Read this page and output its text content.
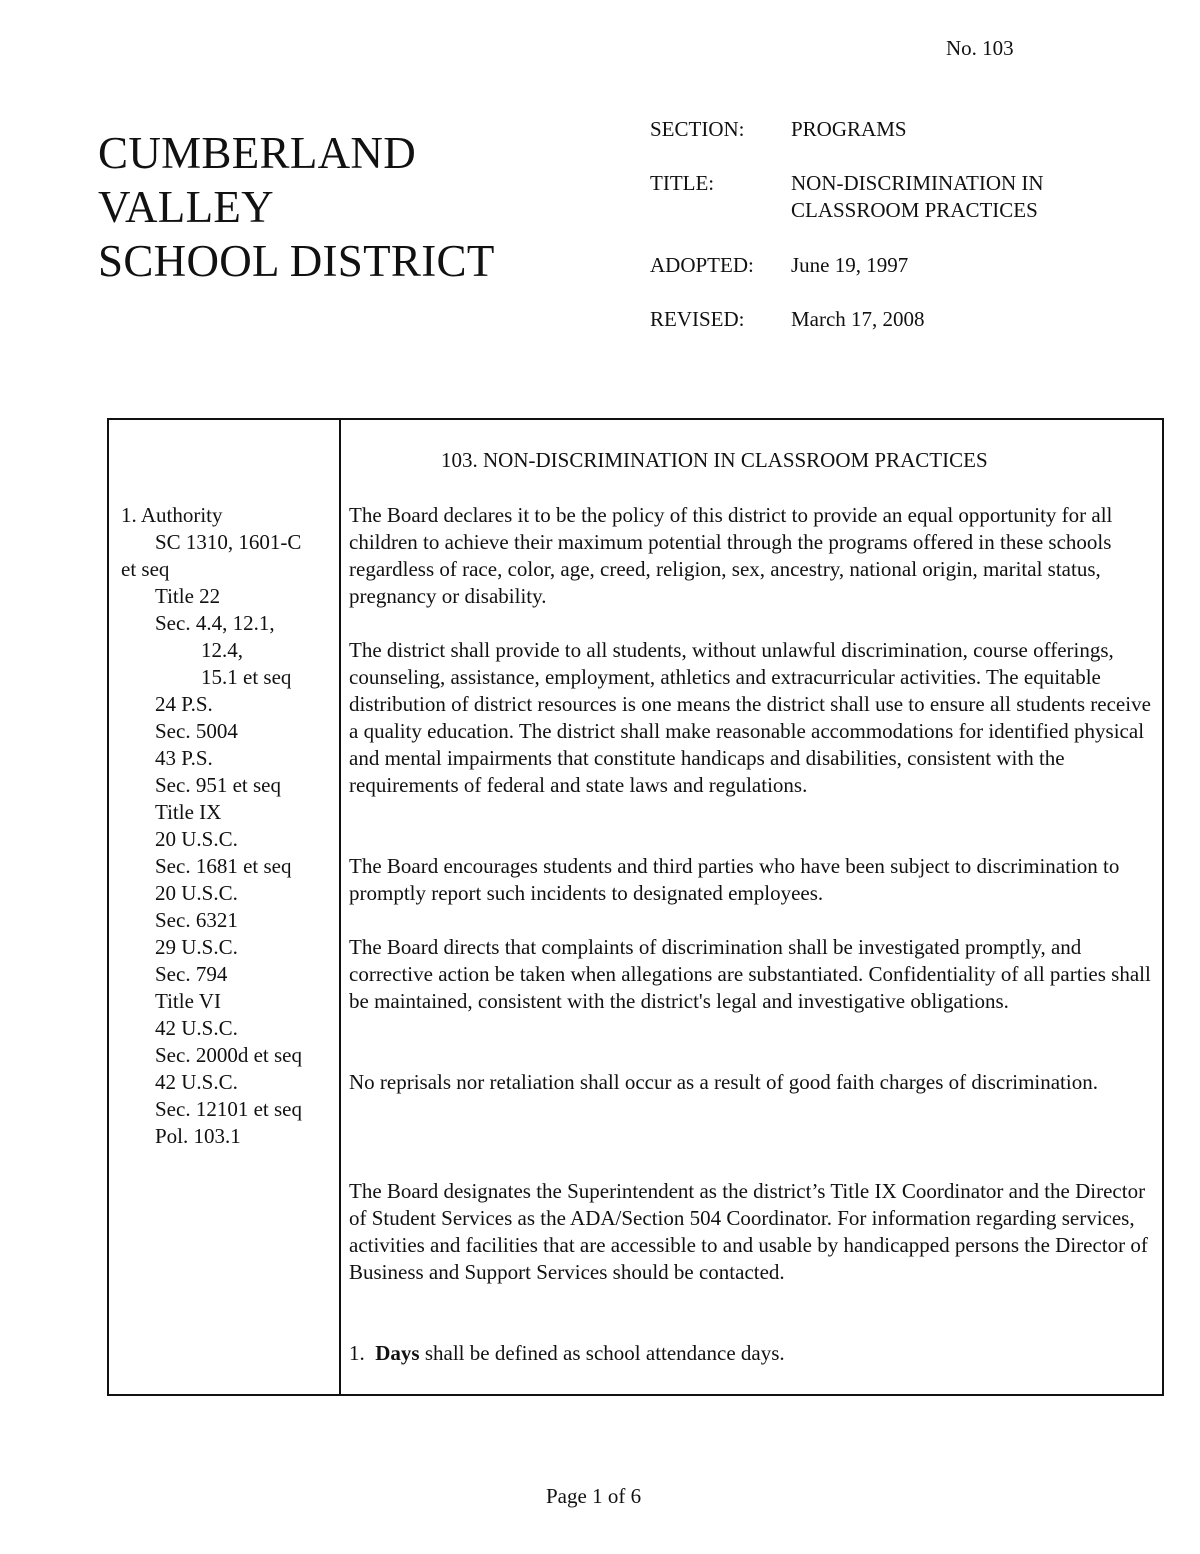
No. 103
CUMBERLAND
VALLEY
SCHOOL DISTRICT
SECTION: PROGRAMS
TITLE:	NON-DISCRIMINATION IN
CLASSROOM PRACTICES
ADOPTED: June 19, 1997
REVISED: March 17, 2008
103. NON-DISCRIMINATION IN CLASSROOM PRACTICES
1. Authority
SC 1310, 1601-C
et seq
Title 22
Sec. 4.4, 12.1,
12.4,
15.1 et seq
24 P.S.
Sec. 5004
43 P.S.
Sec. 951 et seq
Title IX
20 U.S.C.
Sec. 1681 et seq
20 U.S.C.
Sec. 6321
29 U.S.C.
Sec. 794
Title VI
42 U.S.C.
Sec. 2000d et seq
42 U.S.C.
Sec. 12101 et seq
Pol. 103.1
The Board declares it to be the policy of this district to provide an equal opportunity for all children to achieve their maximum potential through the programs offered in these schools regardless of race, color, age, creed, religion, sex, ancestry, national origin, marital status, pregnancy or disability.
The district shall provide to all students, without unlawful discrimination, course offerings, counseling, assistance, employment, athletics and extracurricular activities. The equitable distribution of district resources is one means the district shall use to ensure all students receive a quality education. The district shall make reasonable accommodations for identified physical and mental impairments that constitute handicaps and disabilities, consistent with the requirements of federal and state laws and regulations.
The Board encourages students and third parties who have been subject to discrimination to promptly report such incidents to designated employees.
The Board directs that complaints of discrimination shall be investigated promptly, and corrective action be taken when allegations are substantiated. Confidentiality of all parties shall be maintained, consistent with the district's legal and investigative obligations.
No reprisals nor retaliation shall occur as a result of good faith charges of discrimination.
The Board designates the Superintendent as the district’s Title IX Coordinator and the Director of Student Services as the ADA/Section 504 Coordinator. For information regarding services, activities and facilities that are accessible to and usable by handicapped persons the Director of Business and Support Services should be contacted.
1. Days shall be defined as school attendance days.
Page 1 of 6
